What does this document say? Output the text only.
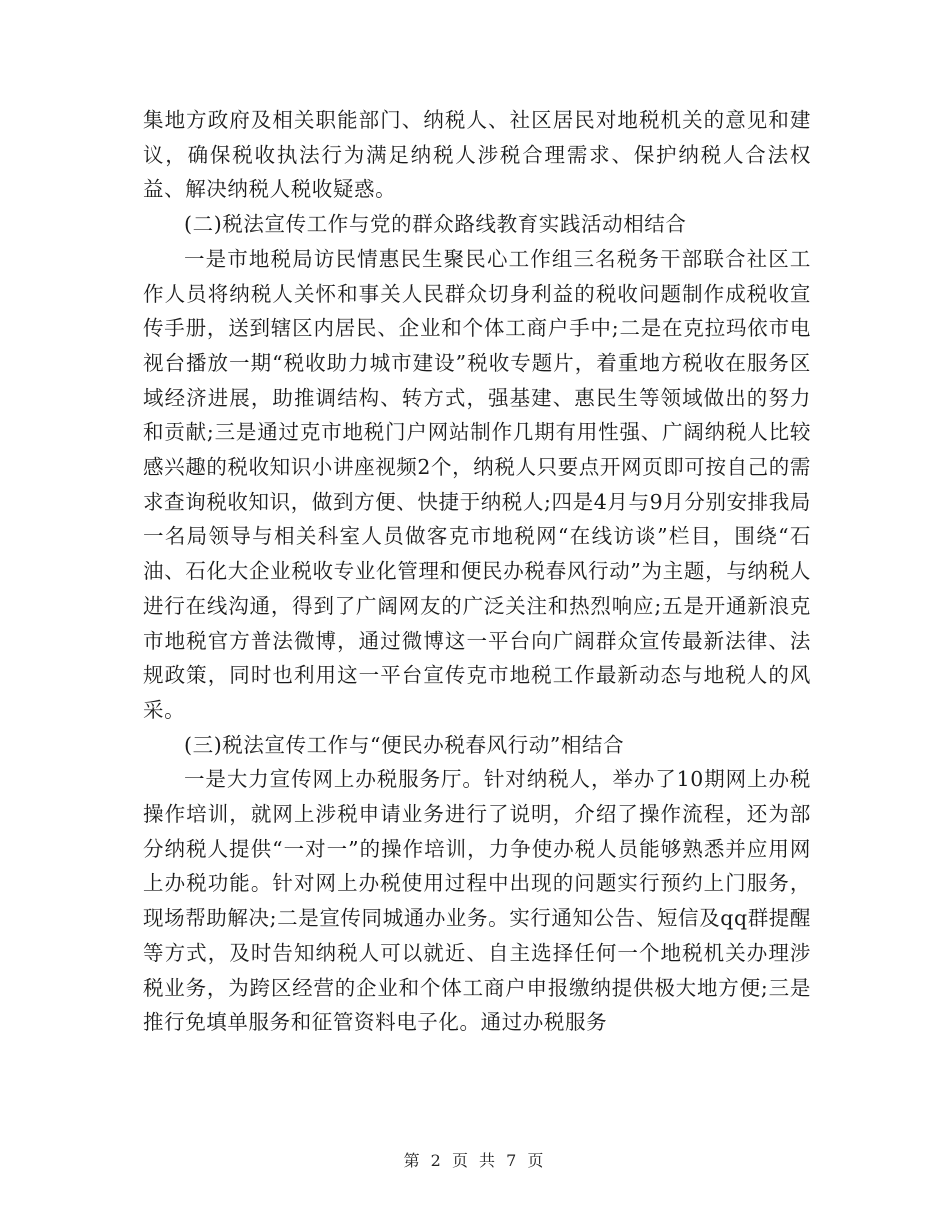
集地方政府及相关职能部门、纳税人、社区居民对地税机关的意见和建议，确保税收执法行为满足纳税人涉税合理需求、保护纳税人合法权益、解决纳税人税收疑惑。

(二)税法宣传工作与党的群众路线教育实践活动相结合

一是市地税局访民情惠民生聚民心工作组三名税务干部联合社区工作人员将纳税人关怀和事关人民群众切身利益的税收问题制作成税收宣传手册，送到辖区内居民、企业和个体工商户手中;二是在克拉玛依市电视台播放一期“税收助力城市建设”税收专题片，着重地方税收在服务区域经济进展，助推调结构、转方式，强基建、惠民生等领域做出的努力和贡献;三是通过克市地税门户网站制作几期有用性强、广阔纳税人比较感兴趣的税收知识小讲座视频2个，纳税人只要点开网页即可按自己的需求查询税收知识，做到方便、快捷于纳税人;四是4月与9月分别安排我局一名局领导与相关科室人员做客克市地税网“在线访谈”栏目，围绕“石油、石化大企业税收专业化管理和便民办税春风行动”为主题，与纳税人进行在线沟通，得到了广阔网友的广泛关注和热烈响应;五是开通新浪克市地税官方普法微博，通过微博这一平台向广阔群众宣传最新法律、法规政策，同时也利用这一平台宣传克市地税工作最新动态与地税人的风采。

(三)税法宣传工作与“便民办税春风行动”相结合

一是大力宣传网上办税服务厅。针对纳税人，举办了10期网上办税操作培训，就网上涉税申请业务进行了说明，介绍了操作流程，还为部分纳税人提供“一对一”的操作培训，力争使办税人员能够熟悉并应用网上办税功能。针对网上办税使用过程中出现的问题实行预约上门服务，现场帮助解决;二是宣传同城通办业务。实行通知公告、短信及qq群提醒等方式，及时告知纳税人可以就近、自主选择任何一个地税机关办理涉税业务，为跨区经营的企业和个体工商户申报缴纳提供极大地方便;三是推行免填单服务和征管资料电子化。通过办税服务

第 2 页 共 7 页
